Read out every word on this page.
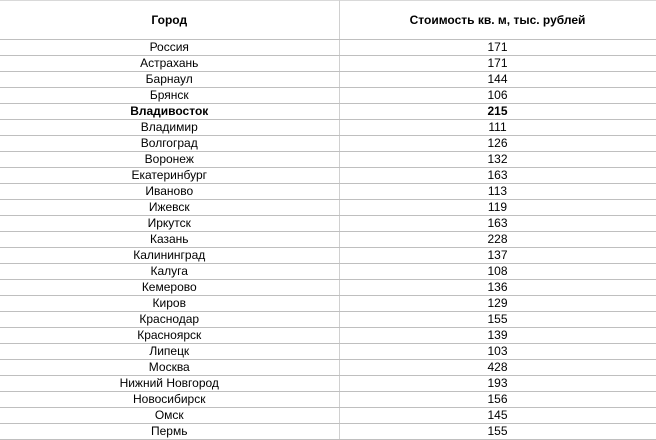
Город	Стоимость кв. м, тыс. рублей
Россия	171
Астрахань	171
Барнаул	144
Брянск	106
Владивосток	215
Владимир	111
Волгоград	126
Воронеж	132
Екатеринбург	163
Иваново	113
Ижевск	119
Иркутск	163
Казань	228
Калининград	137
Калуга	108
Кемерово	136
Киров	129
Краснодар	155
Красноярск	139
Липецк	103
Москва	428
Нижний Новгород	193
Новосибирск	156
Омск	145
Пермь	155
